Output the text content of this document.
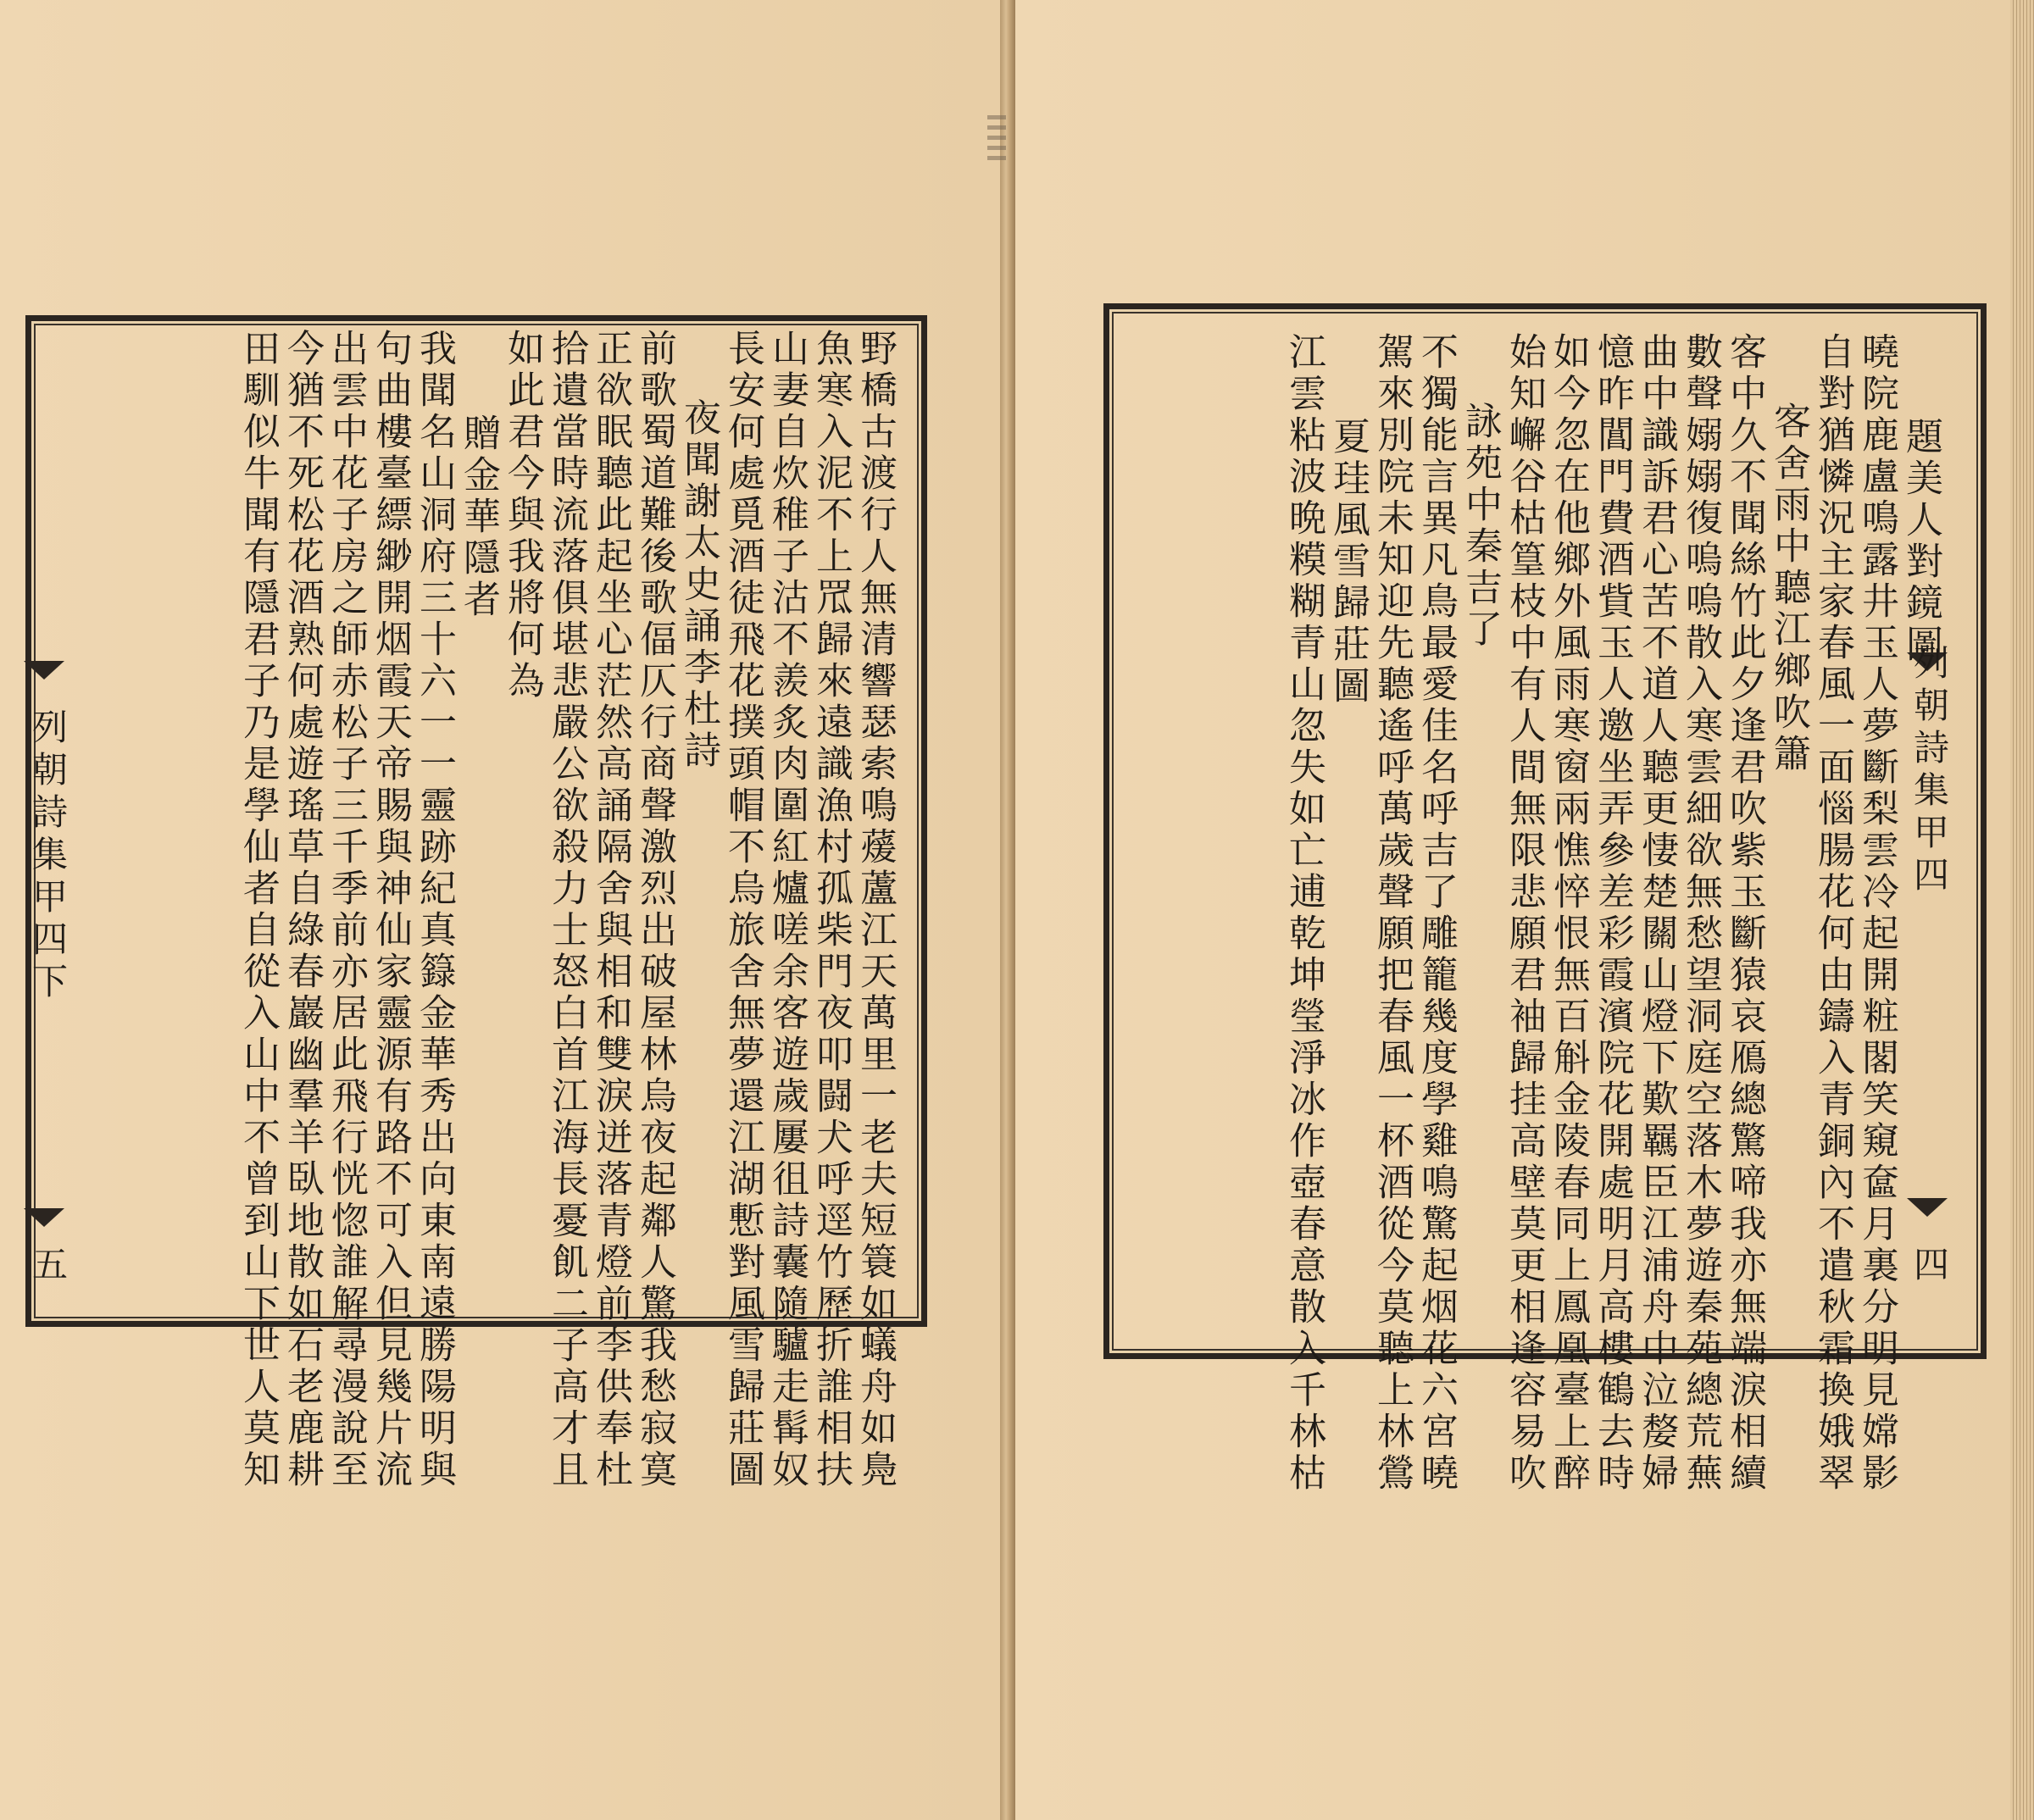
題美人對鏡圖
曉院鹿盧鳴露井玉人夢斷梨雲冷起開粧閣笑窺奩月裏分明見嫦影
自對猶憐況主家春風一面惱腸花何由鑄入青銅內不遣秋霜換娥翠
客舍雨中聽江鄉吹簫
客中久不聞絲竹此夕逢君吹紫玉斷猿哀鴈總驚啼我亦無端淚相續
數聲嫋嫋復嗚嗚散入寒雲細欲無愁望洞庭空落木夢遊秦苑總荒蕪
曲中識訴君心苦不道人聽更悽楚關山燈下歎羈臣江浦舟中泣嫠婦
憶昨閶門費酒貲玉人邀坐弄參差彩霞濱院花開處明月高樓鶴去時
如今忽在他鄉外風雨寒窗兩憔悴恨無百斛金陵春同上鳳凰臺上醉
始知嶰谷枯篁枝中有人間無限悲願君袖歸挂高壁莫更相逢容易吹
詠苑中秦吉了
不獨能言異凡鳥最愛佳名呼吉了雕籠幾度學雞鳴驚起烟花六宮曉
駕來別院未知迎先聽遙呼萬歲聲願把春風一杯酒從今莫聽上林鶯
夏珪風雪歸莊圖
江雲粘波晩糢糊青山忽失如亡逋乾坤瑩淨冰作壺春意散入千林枯	列朝詩集甲四
四
野橋古渡行人無清響瑟索鳴蕿蘆江天萬里一老夫短簑如蟻舟如鳧
魚寒入泥不上罛歸來遠識漁村孤柴門夜叩闘犬呼逕竹歷折誰相扶
山妻自炊稚子沽不羨炙肉圍紅爐嗟余客遊歲屢徂詩囊隨驢走髯奴
長安何處覓酒徒飛花撲頭帽不烏旅舍無夢還江湖慙對風雪歸莊圖
夜聞謝太史誦李杜詩
前歌蜀道難後歌偪仄行商聲激烈出破屋林烏夜起鄰人驚我愁寂寞
正欲眠聽此起坐心茫然高誦隔舍與相和雙淚迸落青燈前李供奉杜
拾遺當時流落俱堪悲嚴公欲殺力士怒白首江海長憂飢二子高才且
如此君今與我將何為
贈金華隱者
我聞名山洞府三十六一一靈跡紀真籙金華秀出向東南遠勝陽明與
句曲樓臺縹緲開烟霞天帝賜與神仙家靈源有路不可入但見幾片流
出雲中花子房之師赤松子三千季前亦居此飛行恍惚誰解尋漫說至
今猶不死松花酒熟何處遊瑤草自綠春巖幽羣羊臥地散如石老鹿耕
田馴似牛聞有隱君子乃是學仙者自從入山中不曾到山下世人莫知
列朝詩集甲四下
五
